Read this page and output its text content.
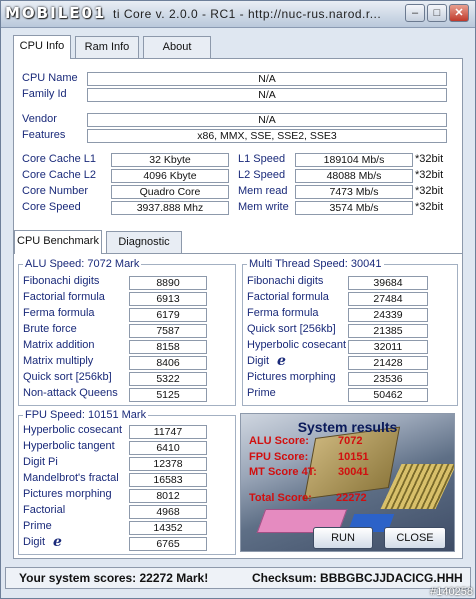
MOBILE01 ti Core v. 2.0.0 - RC1 - http://nuc-rus.narod.r...	–	□	✕
CPU Info	Ram Info	About
CPU Name	N/A
Family Id	N/A
Vendor	N/A
Features	x86, MMX, SSE, SSE2, SSE3
Core Cache L1	32 Kbyte
Core Cache L2	4096 Kbyte
Core Number	Quadro Core
Core Speed	3937.888 Mhz
L1 Speed	189104 Mb/s	*32bit
L2 Speed	48088 Mb/s	*32bit
Mem read	7473 Mb/s	*32bit
Mem write	3574 Mb/s	*32bit
CPU Benchmark	Diagnostic
ALU Speed: 7072 Mark
Fibonachi digits	8890
Factorial formula	6913
Ferma formula	6179
Brute force	7587
Matrix addition	8158
Matrix multiply	8406
Quick sort [256kb]	5322
Non-attack Queens	5125
Multi Thread Speed: 30041
Fibonachi digits	39684
Factorial formula	27484
Ferma formula	24339
Quick sort [256kb]	21385
Hyperbolic cosecant	32011
Digit e	21428
Pictures morphing	23536
Prime	50462
FPU Speed: 10151 Mark
Hyperbolic cosecant	11747
Hyperbolic tangent	6410
Digit Pi	12378
Mandelbrot's fractal	16583
Pictures morphing	8012
Factorial	4968
Prime	14352
Digit e	6765
System results
ALU Score:	7072
FPU Score:	10151
MT Score 4T: 30041
Total Score: 22272
RUN	CLOSE
Your system scores: 22272 Mark!	Checksum: BBBGBCJJDACICG.HHH
#140258
